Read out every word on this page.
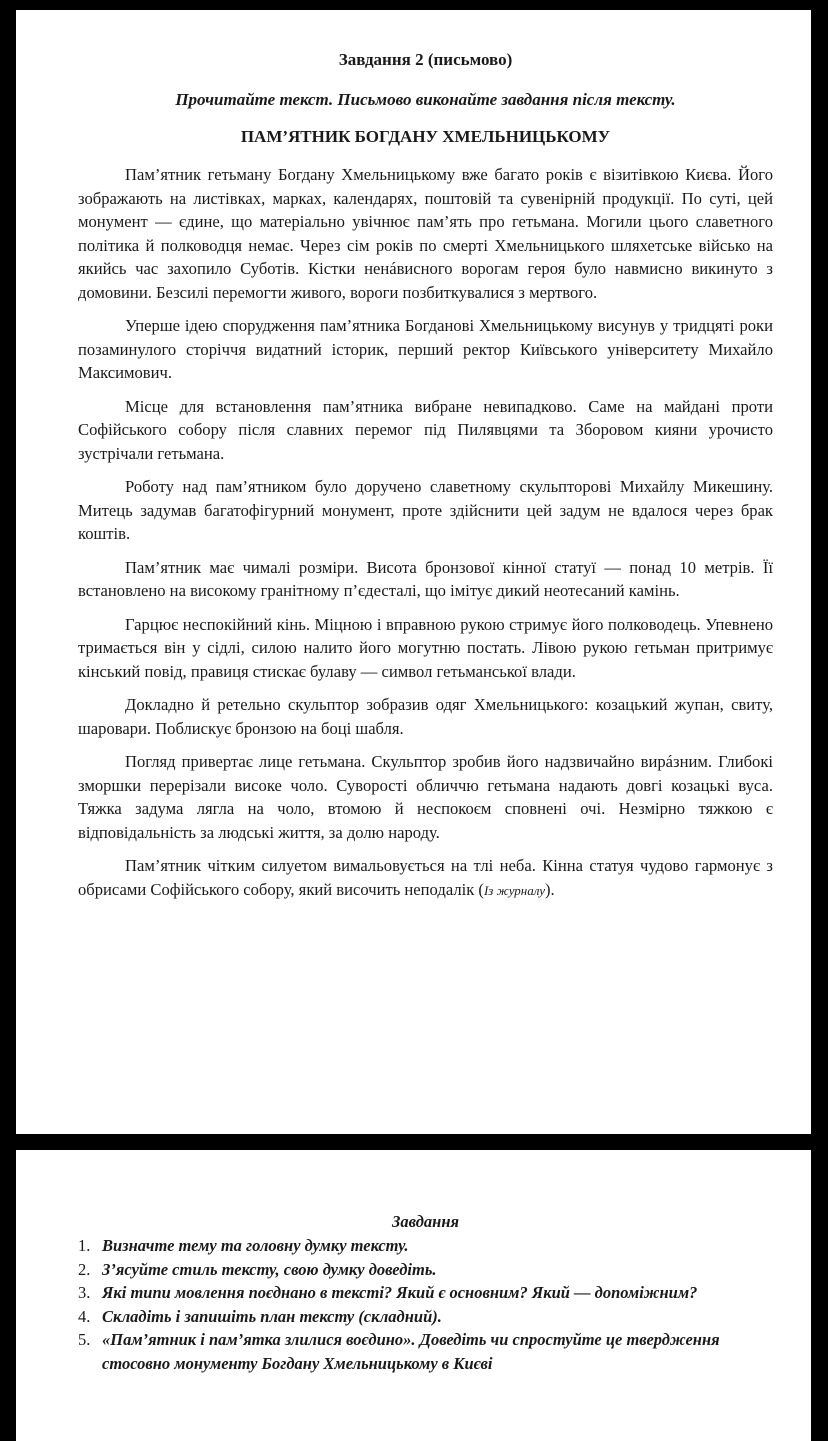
Завдання 2 (письмово)
Прочитайте текст. Письмово виконайте завдання після тексту.
ПАМ’ЯТНИК БОГДАНУ ХМЕЛЬНИЦЬКОМУ

Пам’ятник гетьману Богдану Хмельницькому вже багато років є візитівкою Києва. Його зображають на листівках, марках, календарях, поштовій та сувенірній продукції. По суті, цей монумент — єдине, що матеріально увічнює пам’ять про гетьмана. Могили цього славетного політика й полководця немає. Через сім років по смерті Хмельницького шляхетське військо на якийсь час захопило Суботів. Кістки ненáвисного ворогам героя було навмисно викинуто з домовини. Безсилі перемогти живого, вороги позбиткувалися з мертвого.

Уперше ідею спорудження пам’ятника Богданові Хмельницькому висунув у тридцяті роки позаминулого сторіччя видатний історик, перший ректор Київського університету Михайло Максимович.

Місце для встановлення пам’ятника вибране невипадково. Саме на майдані проти Софійського собору після славних перемог під Пилявцями та Зборовом кияни урочисто зустрічали гетьмана.

Роботу над пам’ятником було доручено славетному скульпторові Михайлу Микешину. Митець задумав багатофігурний монумент, проте здійснити цей задум не вдалося через брак коштів.

Пам’ятник має чималі розміри. Висота бронзової кінної статуї — понад 10 метрів. Її встановлено на високому гранітному п’єдесталі, що імітує дикий неотесаний камінь.

Гарцює неспокійний кінь. Міцною і вправною рукою стримує його полководець. Упевнено тримається він у сідлі, силою налито його могутню постать. Лівою рукою гетьман притримує кінський повід, правиця стискає булаву — символ гетьманської влади.

Докладно й ретельно скульптор зобразив одяг Хмельницького: козацький жупан, свиту, шаровари. Поблискує бронзою на боці шабля.

Погляд привертає лице гетьмана. Скульптор зробив його надзвичайно вирáзним. Глибокі зморшки перерізали високе чоло. Суворості обличчю гетьмана надають довгі козацькі вуса. Тяжка задума лягла на чоло, втомою й неспокоєм сповнені очі. Незмірно тяжкою є відповідальність за людські життя, за долю народу.

Пам’ятник чітким силуетом вимальовується на тлі неба. Кінна статуя чудово гармонує з обрисами Софійського собору, який височить неподалік (Із журналу).

Завдання
1. Визначте тему та головну думку тексту.
2. З’ясуйте стиль тексту, свою думку доведіть.
3. Які типи мовлення поєднано в тексті? Який є основним? Який — допоміжним?
4. Складіть і запишіть план тексту (складний).
5. «Пам’ятник і пам’ятка злилися воєдино». Доведіть чи спростуйте це твердження стосовно монументу Богдану Хмельницькому в Києві
